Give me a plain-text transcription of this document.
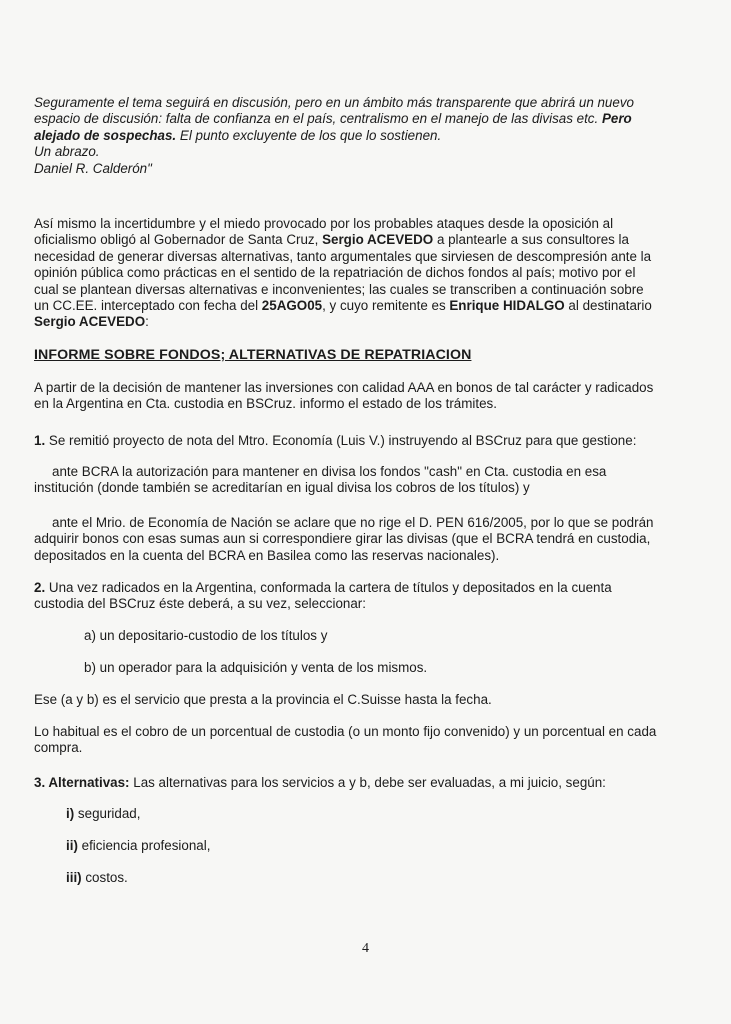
Seguramente el tema seguirá en discusión, pero en un ámbito más transparente que abrirá un nuevo
espacio de discusión: falta de confianza en el país, centralismo en el manejo de las divisas etc. Pero
alejado de sospechas. El punto excluyente de los que lo sostienen.
Un abrazo.
Daniel R. Calderón"

Así mismo la incertidumbre y el miedo provocado por los probables ataques desde la oposición al
oficialismo obligó al Gobernador de Santa Cruz, Sergio ACEVEDO a plantearle a sus consultores la
necesidad de generar diversas alternativas, tanto argumentales que sirviesen de descompresión ante la
opinión pública como prácticas en el sentido de la repatriación de dichos fondos al país; motivo por el
cual se plantean diversas alternativas e inconvenientes; las cuales se transcriben a continuación sobre
un CC.EE. interceptado con fecha del 25AGO05, y cuyo remitente es Enrique HIDALGO al destinatario
Sergio ACEVEDO:

INFORME SOBRE FONDOS; ALTERNATIVAS DE REPATRIACION

A partir de la decisión de mantener las inversiones con calidad AAA en bonos de tal carácter y radicados
en la Argentina en Cta. custodia en BSCruz. informo el estado de los trámites.

1. Se remitió proyecto de nota del Mtro. Economía (Luis V.) instruyendo al BSCruz para que gestione:

ante BCRA la autorización para mantener en divisa los fondos "cash" en Cta. custodia en esa
institución (donde también se acreditarían en igual divisa los cobros de los títulos) y

ante el Mrio. de Economía de Nación se aclare que no rige el D. PEN 616/2005, por lo que se podrán
adquirir bonos con esas sumas aun si correspondiere girar las divisas (que el BCRA tendrá en custodia,
depositados en la cuenta del BCRA en Basilea como las reservas nacionales).

2. Una vez radicados en la Argentina, conformada la cartera de títulos y depositados en la cuenta
custodia del BSCruz éste deberá, a su vez, seleccionar:

a) un depositario-custodio de los títulos y

b) un operador para la adquisición y venta de los mismos.

Ese (a y b) es el servicio que presta a la provincia el C.Suisse hasta la fecha.

Lo habitual es el cobro de un porcentual de custodia (o un monto fijo convenido) y un porcentual en cada
compra.

3. Alternativas: Las alternativas para los servicios a y b, debe ser evaluadas, a mi juicio, según:

i) seguridad,

ii) eficiencia profesional,

iii) costos.

4
